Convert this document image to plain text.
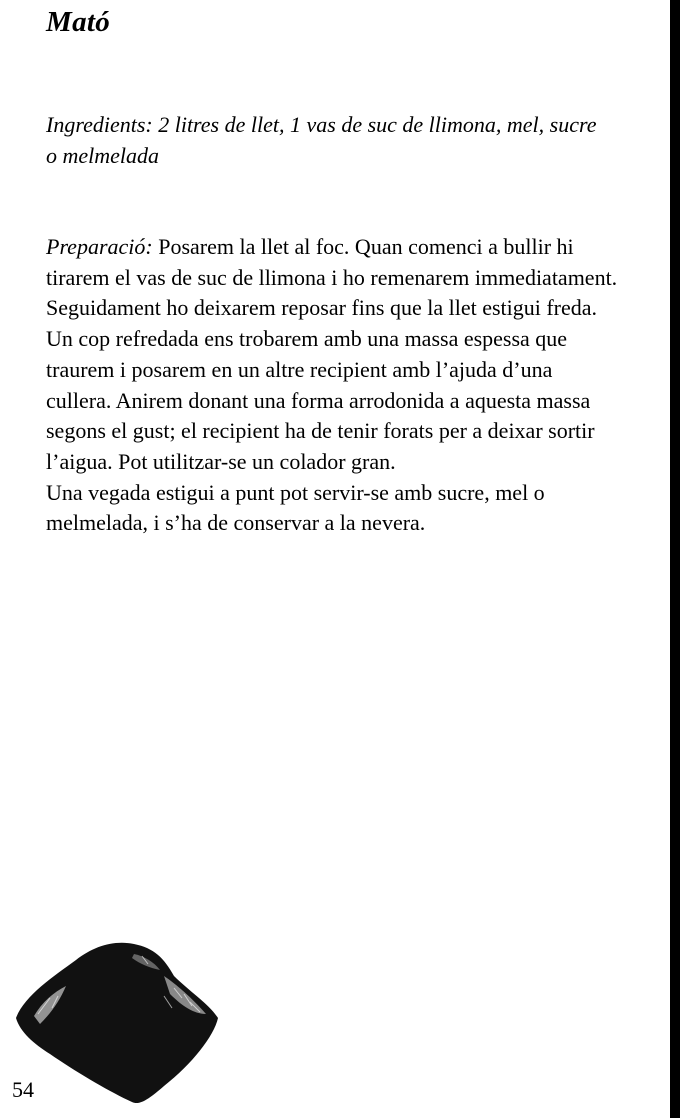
Mató

Ingredients: 2 litres de llet, 1 vas de suc de llimona, mel, sucre
o melmelada

Preparació: Posarem la llet al foc. Quan comenci a bullir hi
tirarem el vas de suc de llimona i ho remenarem immediatament.
Seguidament ho deixarem reposar fins que la llet estigui freda.
Un cop refredada ens trobarem amb una massa espessa que
traurem i posarem en un altre recipient amb l’ajuda d’una
cullera. Anirem donant una forma arrodonida a aquesta massa
segons el gust; el recipient ha de tenir forats per a deixar sortir
l’aigua. Pot utilitzar-se un colador gran.
Una vegada estigui a punt pot servir-se amb sucre, mel o
melmelada, i s’ha de conservar a la nevera.

54
